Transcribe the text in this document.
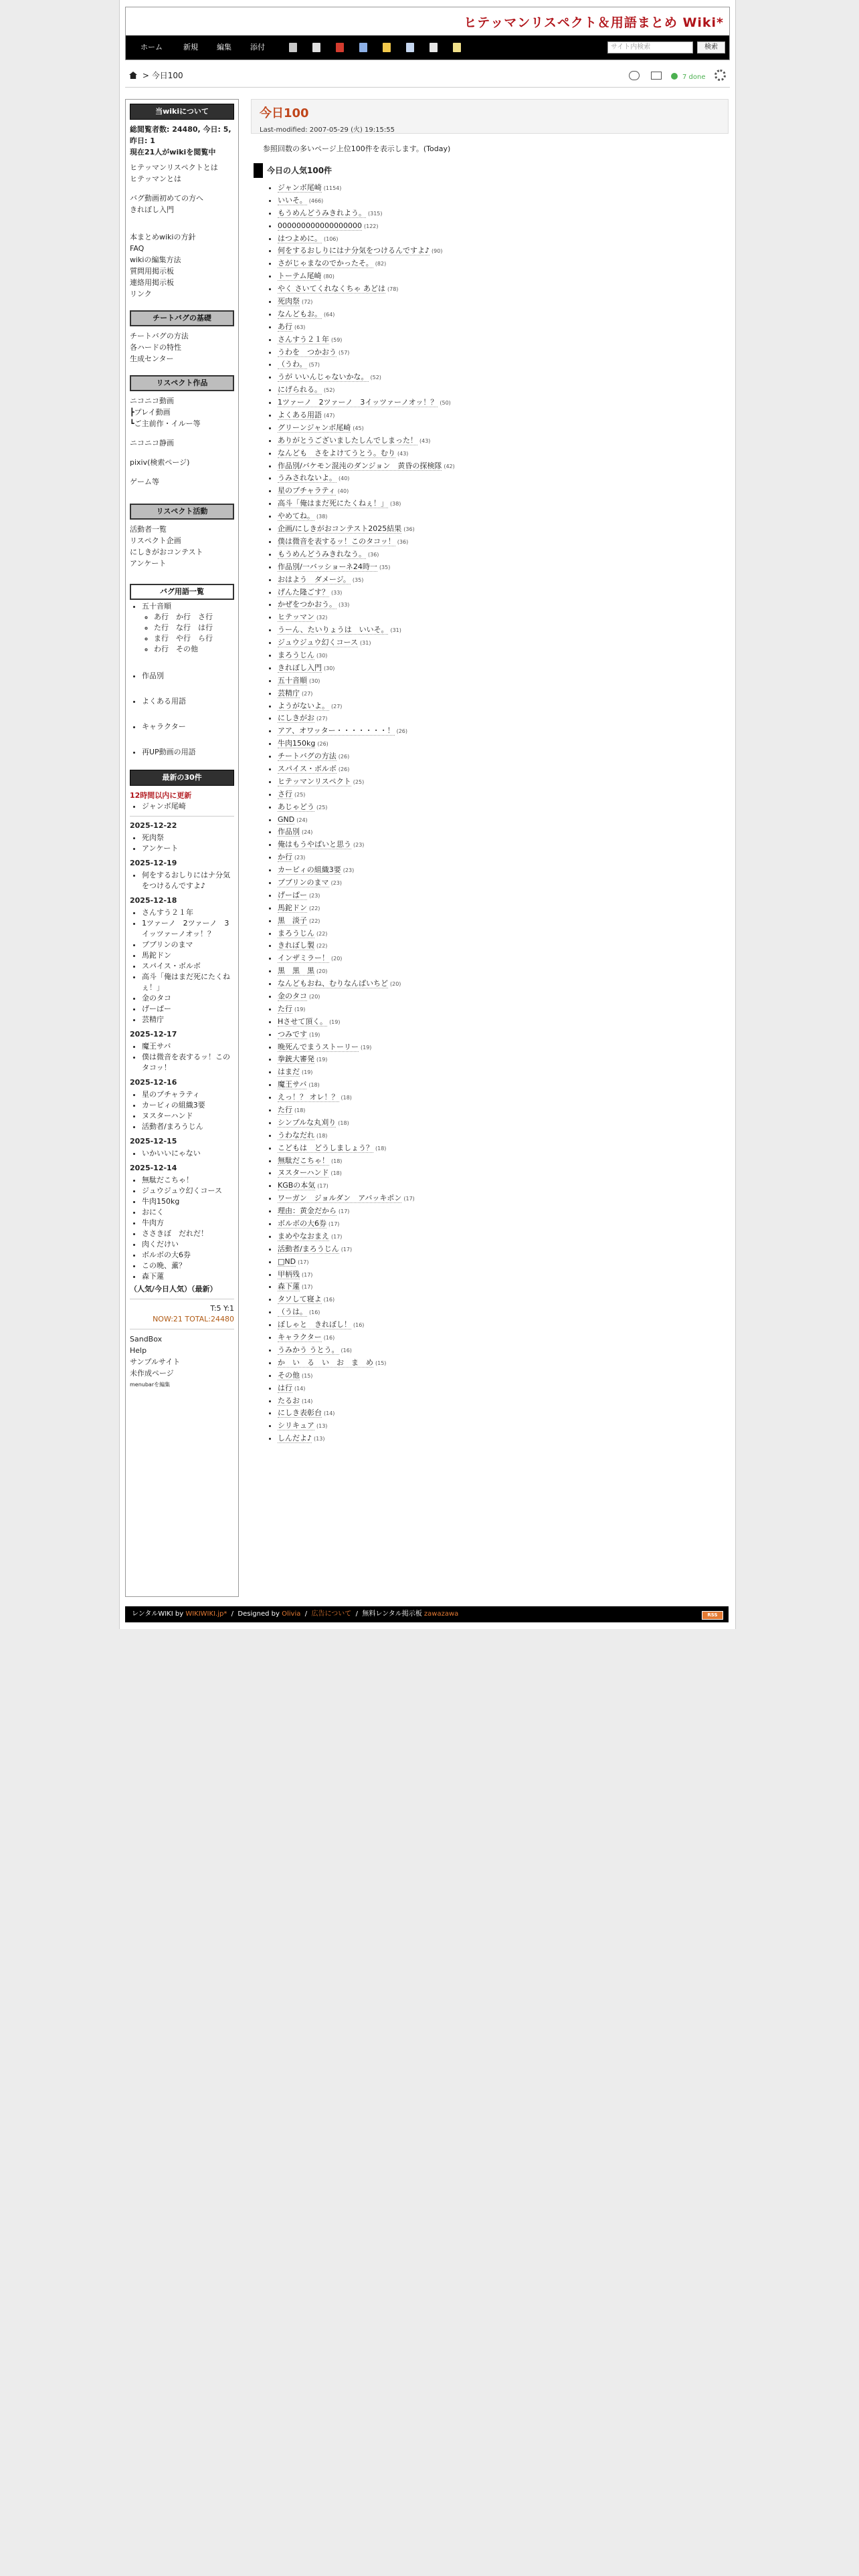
ヒテッマンリスペクト＆用語まとめ Wiki*
ホーム	新規	編集	添付	サイト内検索	検索
> 今日100	7 done
当wikiについて
総閲覧者数: 24480, 今日: 5, 昨日: 1
現在21人がwikiを閲覧中
ヒテッマンリスペクトとは
ヒテッマンとは
バグ動画初めての方へ
きれぼし入門
本まとめwikiの方針
FAQ
wikiの編集方法
質問用掲示板
連絡用掲示板
リンク
チートバグの基礎
チートバグの方法
各ハードの特性
生成センター
リスペクト作品
ニコニコ動画
┣プレイ動画
┗ご主前作・イルー等
ニコニコ静画
pixiv(検索ページ)
ゲーム等
リスペクト活動
活動者一覧
リスペクト企画
にしきがおコンテスト
アンケート
バグ用語一覧
• 五十音順
◦ あ行　か行　さ行
◦ た行　な行　は行
◦ ま行　や行　ら行
◦ わ行　その他
• 作品別
• よくある用語
• キャラクター
• 再UP動画の用語
最新の30件
12時間以内に更新
• ジャンボ尾崎
2025-12-22
• 死肉祭
• アンケート
2025-12-19
• 何をするおしりにはナ分気をつけるんですよ♪
2025-12-18
• さんすう２１年
• 1ツァーノ　2ツァーノ　3イッツァーノオッ！？
• プブリンのまマ
• 馬鉈ドン
• スパイス・ボルボ
• 高斗「俺はまだ死にたくねぇ！」
• 金のタコ
• げーぱー
• 芸精庁
2025-12-17
• 魔王サバ
• 僕は微音を表するッ！このタコッ！
2025-12-16
• 星のプチャラティ
• カービィの組織3要
• ヌスターハンド
• 活動者/まろうじん
2025-12-15
• いかいいにゃない
2025-12-14
• 無駄だこちゃ！
• ジュウジュウ幻くコース
• 牛肉150kg
• おにく
• 牛肉方
• ささきぼ　だれだ！
• 肉くだけい
• ボルボの大6券
• この晩、薫？
• 森下蓮
（人気/今日人気）（最新）
T:5 Y:1
NOW:21 TOTAL:24480
SandBox
Help
サンプルサイト
未作成ページ
menubarを編集
今日100
Last-modified: 2007-05-29 (火) 19:15:55
参照回数の多いページ上位100件を表示します。(Today)
今日の人気100件
• ジャンボ尾崎 (1154)
• いいそ。 (466)
• もうめんどうみきれよう。 (315)
• 000000000000000000 (122)
• はつよめに。 (106)
• 何をするおしりにはナ分気をつけるんですよ♪ (90)
• さがじゃまなのでかったそ。 (82)
• トーテム尾崎 (80)
• やく さいてくれなくちゃ あどは (78)
• 死肉祭 (72)
• なんどもお。 (64)
• あ行 (63)
• さんすう２１年 (59)
• うわを　つかおう (57)
• （うわ。 (57)
• うが いいんじゃないかな。 (52)
• にげられる。 (52)
• 1ツァーノ　2ツァーノ　3イッツァーノオッ！？ (50)
• よくある用語 (47)
• グリーンジャンボ尾崎 (45)
• ありがとうございましたしんでしまった！ (43)
• なんども　さをよけてうとう。むり (43)
• 作品別/バケモン混沌のダンジョン　黄昏の探検隊 (42)
• うみされないよ。 (40)
• 星のプチャラティ (40)
• 高斗「俺はまだ死にたくねぇ！」 (38)
• やめてね。 (38)
• 企画/にしきがおコンテスト2025結果 (36)
• 僕は微音を表するッ！このタコッ！ (36)
• もうめんどうみきれなう。 (36)
• 作品別/一バッショーネ24時一 (35)
• おはよう　ダメージ。 (35)
• げんた隆ごす？ (33)
• かぜをつかおう。 (33)
• ヒテッマン (32)
• うーん、たいりょうは　いいそ。 (31)
• ジュウジュウ幻くコース (31)
• まろうじん (30)
• きれぼし入門 (30)
• 五十音順 (30)
• 芸精庁 (27)
• ようがないよ。 (27)
• にしきがお (27)
• アア、オワッター・・・・・・・！ (26)
• 牛肉150kg (26)
• チートバグの方法 (26)
• スパイス・ボルボ (26)
• ヒテッマンリスペクト (25)
• さ行 (25)
• あじゃどう (25)
• GND (24)
• 作品別 (24)
• 俺はもうやばいと思う (23)
• か行 (23)
• カービィの組織3要 (23)
• プブリンのまマ (23)
• げーぱー (23)
• 馬鉈ドン (22)
• 黒　淡子 (22)
• まろうじん (22)
• きれぼし製 (22)
• インザミラー！ (20)
• 黒　黒　黒 (20)
• なんどもおね、むりなんばいちど (20)
• 金のタコ (20)
• た行 (19)
• Hさせて頂く。 (19)
• つみです (19)
• 晩死んでまうストーリー (19)
• 拳銃大審発 (19)
• はまだ (19)
• 魔王サバ (18)
• えっ！？ オレ！？ (18)
• た行 (18)
• シンプルな丸刈り (18)
• うわなだれ (18)
• こどもは　どうしましょう？ (18)
• 無駄だこちゃ！ (18)
• ヌスターハンド (18)
• KGBの本気 (17)
• ワーガン　ジョルダン　アバッキポン (17)
• 理由：黄金だから (17)
• ボルボの大6券 (17)
• まめやなおまえ (17)
• 活動者/まろうじん (17)
• □ND (17)
• 甲柄残 (17)
• 森下蓮 (17)
• タソして寝よ (16)
• （うは。 (16)
• ぼしゃと　きれぼし！ (16)
• キャラクター (16)
• うみかう うとう。 (16)
• か　い　る　い　お　ま　め (15)
• その他 (15)
• は行 (14)
• たるお (14)
• にしき表彰台 (14)
• シリキュア (13)
• しんだよ♪ (13)
レンタルWIKI by WIKIWIKI.jp*  /  Designed by Olivia  /  広告について  /  無料レンタル掲示板 zawazawa	RSS
